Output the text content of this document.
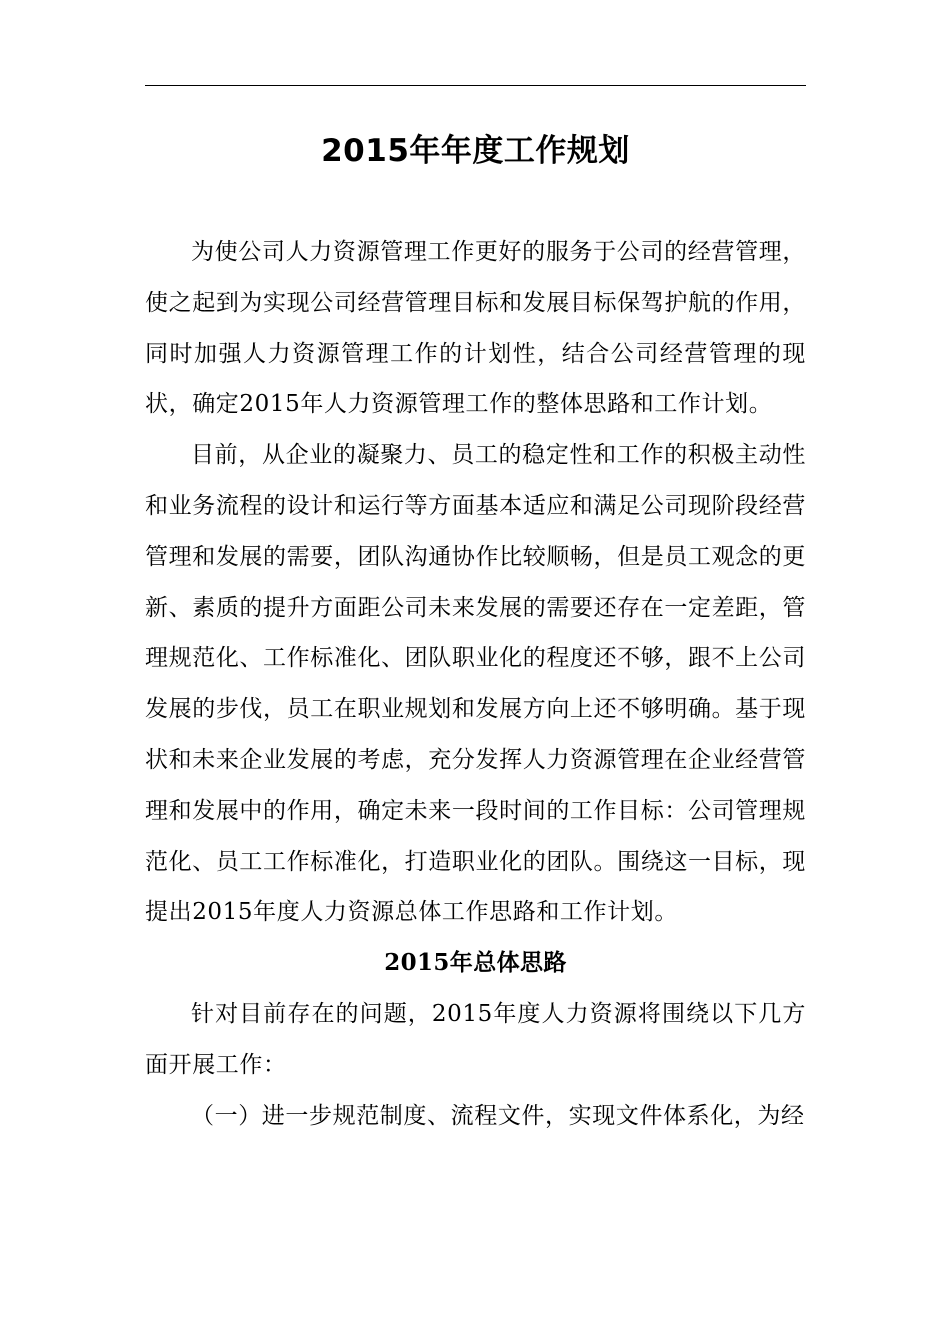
2015年年度工作规划

为使公司人力资源管理工作更好的服务于公司的经营管理，使之起到为实现公司经营管理目标和发展目标保驾护航的作用，同时加强人力资源管理工作的计划性，结合公司经营管理的现状，确定2015年人力资源管理工作的整体思路和工作计划。

目前，从企业的凝聚力、员工的稳定性和工作的积极主动性和业务流程的设计和运行等方面基本适应和满足公司现阶段经营管理和发展的需要，团队沟通协作比较顺畅，但是员工观念的更新、素质的提升方面距公司未来发展的需要还存在一定差距，管理规范化、工作标准化、团队职业化的程度还不够，跟不上公司发展的步伐，员工在职业规划和发展方向上还不够明确。基于现状和未来企业发展的考虑，充分发挥人力资源管理在企业经营管理和发展中的作用，确定未来一段时间的工作目标：公司管理规范化、员工工作标准化，打造职业化的团队。围绕这一目标，现提出2015年度人力资源总体工作思路和工作计划。

2015年总体思路

针对目前存在的问题，2015年度人力资源将围绕以下几方面开展工作：

（一）进一步规范制度、流程文件，实现文件体系化，为经
